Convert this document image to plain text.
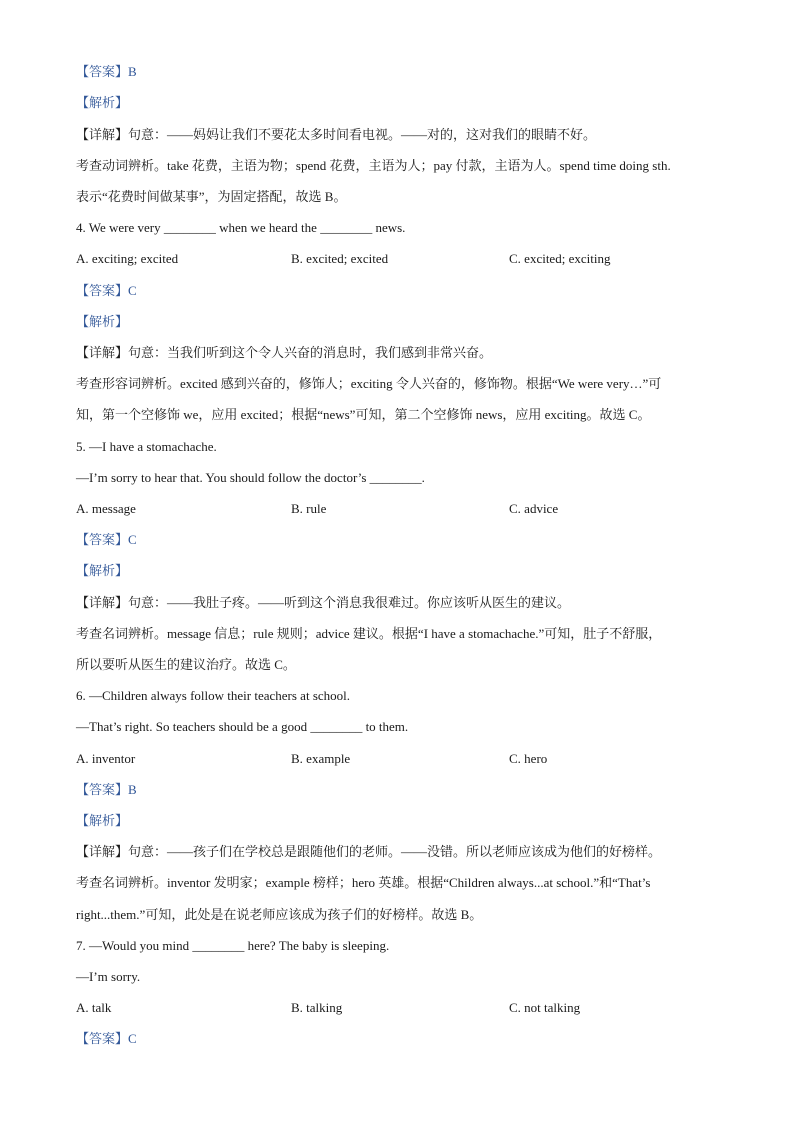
【答案】B
【解析】
【详解】句意：——妈妈让我们不要花太多时间看电视。——对的，这对我们的眼睛不好。
考查动词辨析。take 花费，主语为物；spend 花费，主语为人；pay 付款，主语为人。spend time doing sth.
表示“花费时间做某事”，为固定搭配，故选 B。
4. We were very ________ when we heard the ________ news.
A. exciting; excited	B. excited; excited	C. excited; exciting
【答案】C
【解析】
【详解】句意：当我们听到这个令人兴奋的消息时，我们感到非常兴奋。
考查形容词辨析。excited 感到兴奋的，修饰人；exciting 令人兴奋的，修饰物。根据“We were very…”可
知，第一个空修饰 we，应用 excited；根据“news”可知，第二个空修饰 news，应用 exciting。故选 C。
5. —I have a stomachache.
—I’m sorry to hear that. You should follow the doctor’s ________.
A. message	B. rule	C. advice
【答案】C
【解析】
【详解】句意：——我肚子疼。——听到这个消息我很难过。你应该听从医生的建议。
考查名词辨析。message 信息；rule 规则；advice 建议。根据“I have a stomachache.”可知，肚子不舒服，
所以要听从医生的建议治疗。故选 C。
6. —Children always follow their teachers at school.
—That’s right. So teachers should be a good ________ to them.
A. inventor	B. example	C. hero
【答案】B
【解析】
【详解】句意：——孩子们在学校总是跟随他们的老师。——没错。所以老师应该成为他们的好榜样。
考查名词辨析。inventor 发明家；example 榜样；hero 英雄。根据“Children always...at school.”和“That’s
right...them.”可知，此处是在说老师应该成为孩子们的好榜样。故选 B。
7. —Would you mind ________ here? The baby is sleeping.
—I’m sorry.
A. talk	B. talking	C. not talking
【答案】C
